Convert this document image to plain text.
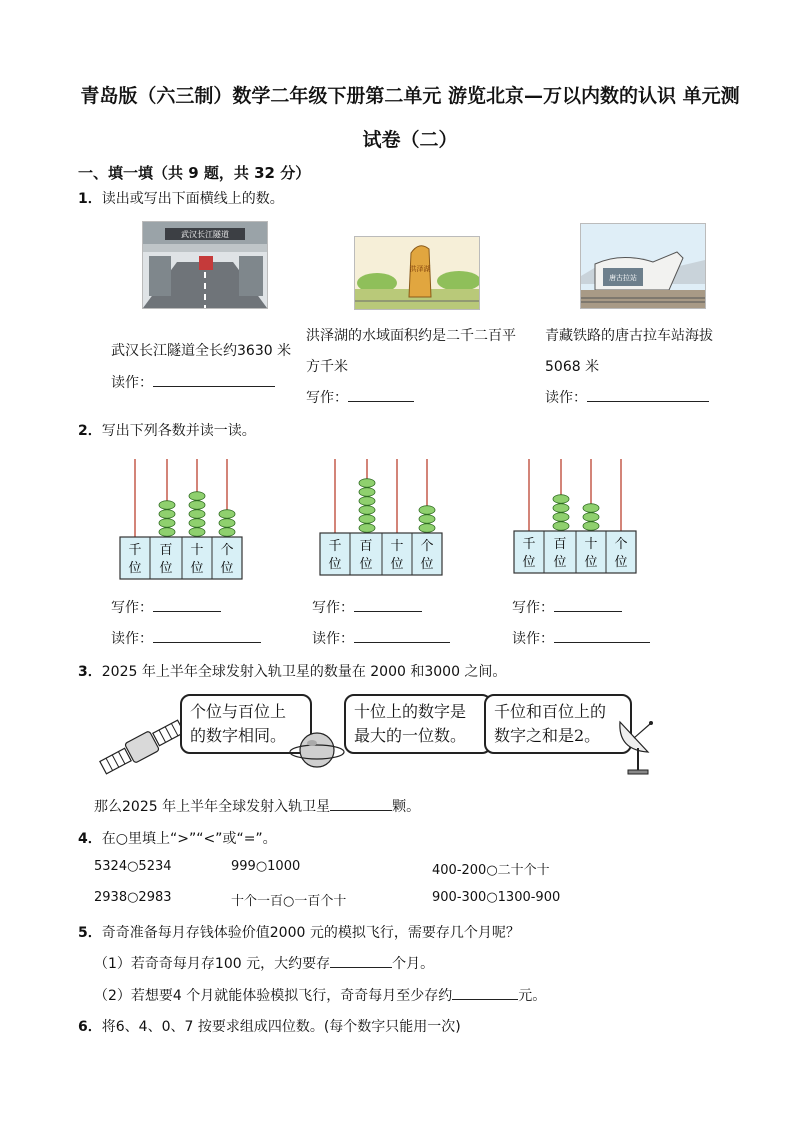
青岛版（六三制）数学二年级下册第二单元 游览北京—万以内数的认识 单元测
试卷（二）
一、填一填（共 9 题，共 32 分）
1．读出或写出下面横线上的数。
武汉长江隧道
洪泽湖
唐古拉站
武汉长江隧道全长约3630 米
读作：
洪泽湖的水域面积约是二千二百平
方千米
写作：
青藏铁路的唐古拉车站海拔
5068 米
读作：
2．写出下列各数并读一读。
千
位
百
位
十
位
个
位
千
位
百
位
十
位
个
位
千
位
百
位
十
位
个
位
写作：
读作：
写作：
读作：
写作：
读作：
3．2025 年上半年全球发射入轨卫星的数量在 2000 和3000 之间。
个位与百位上
的数字相同。
十位上的数字是
最大的一位数。
千位和百位上的
数字之和是2。
那么2025 年上半年全球发射入轨卫星	颗。
4．在○里填上“>”“<”或“=”。
5324○5234	999○1000	400-200○二十个十
2938○2983	十个一百○一百个十	900-300○1300-900
5．奇奇准备每月存钱体验价值2000 元的模拟飞行，需要存几个月呢？
（1）若奇奇每月存100 元，大约要存	个月。
（2）若想要4 个月就能体验模拟飞行，奇奇每月至少存约	元。
6．将6、4、0、7 按要求组成四位数。(每个数字只能用一次)
